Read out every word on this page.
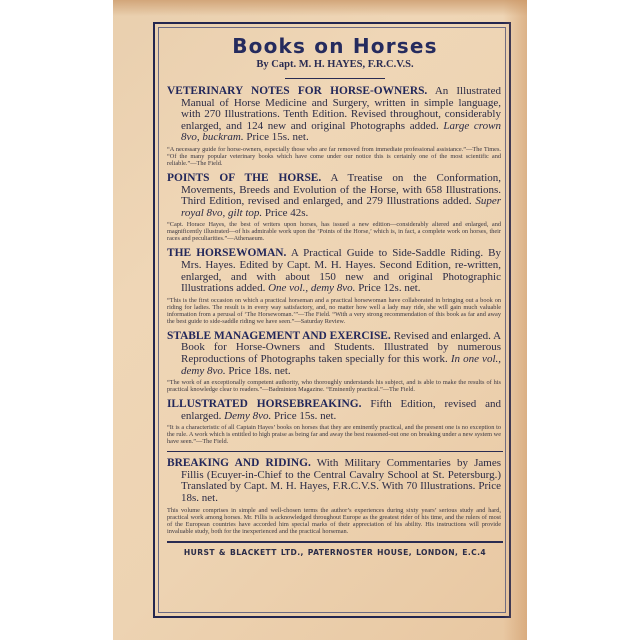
Books on Horses
By Capt. M. H. HAYES, F.R.C.V.S.
VETERINARY NOTES FOR HORSE-OWNERS. An Illustrated Manual of Horse Medicine and Surgery, written in simple language, with 270 Illustrations. Tenth Edition. Revised throughout, considerably enlarged, and 124 new and original Photographs added. Large crown 8vo, buckram. Price 15s. net.
“A necessary guide for horse-owners, especially those who are far removed from immediate professional assistance.”—The Times. “Of the many popular veterinary books which have come under our notice this is certainly one of the most scientific and reliable.”—The Field.
POINTS OF THE HORSE. A Treatise on the Conformation, Movements, Breeds and Evolution of the Horse, with 658 Illustrations. Third Edition, revised and enlarged, and 279 Illustrations added. Super royal 8vo, gilt top. Price 42s.
“Capt. Horace Hayes, the best of writers upon horses, has issued a new edition—considerably altered and enlarged, and magnificently illustrated—of his admirable work upon the ‘Points of the Horse,’ which is, in fact, a complete work on horses, their races and peculiarities.”—Athenaeum.
THE HORSEWOMAN. A Practical Guide to Side-Saddle Riding. By Mrs. Hayes. Edited by Capt. M. H. Hayes. Second Edition, re-written, enlarged, and with about 150 new and original Photographic Illustrations added. One vol., demy 8vo. Price 12s. net.
“This is the first occasion on which a practical horseman and a practical horsewoman have collaborated in bringing out a book on riding for ladies. The result is in every way satisfactory, and, no matter how well a lady may ride, she will gain much valuable information from a perusal of ‘The Horsewoman.’”—The Field. “With a very strong recommendation of this book as far and away the best guide to side-saddle riding we have seen.”—Saturday Review.
STABLE MANAGEMENT AND EXERCISE. Revised and enlarged. A Book for Horse-Owners and Students. Illustrated by numerous Reproductions of Photographs taken specially for this work. In one vol., demy 8vo. Price 18s. net.
“The work of an exceptionally competent authority, who thoroughly understands his subject, and is able to make the results of his practical knowledge clear to readers.”—Badminton Magazine. “Eminently practical.”—The Field.
ILLUSTRATED HORSEBREAKING. Fifth Edition, revised and enlarged. Demy 8vo. Price 15s. net.
“It is a characteristic of all Captain Hayes’ books on horses that they are eminently practical, and the present one is no exception to the rule. A work which is entitled to high praise as being far and away the best reasoned-out one on breaking under a new system we have seen.”—The Field.
BREAKING AND RIDING. With Military Commentaries by James Fillis (Ecuyer-in-Chief to the Central Cavalry School at St. Petersburg.) Translated by Capt. M. H. Hayes, F.R.C.V.S. With 70 Illustrations. Price 18s. net.
This volume comprises in simple and well-chosen terms the author’s experiences during sixty years’ serious study and hard, practical work among horses. Mr. Fillis is acknowledged throughout Europe as the greatest rider of his time, and the rulers of most of the European countries have accorded him special marks of their appreciation of his ability. His instructions will provide invaluable study, both for the inexperienced and the practical horseman.
HURST & BLACKETT LTD., PATERNOSTER HOUSE, LONDON, E.C.4
